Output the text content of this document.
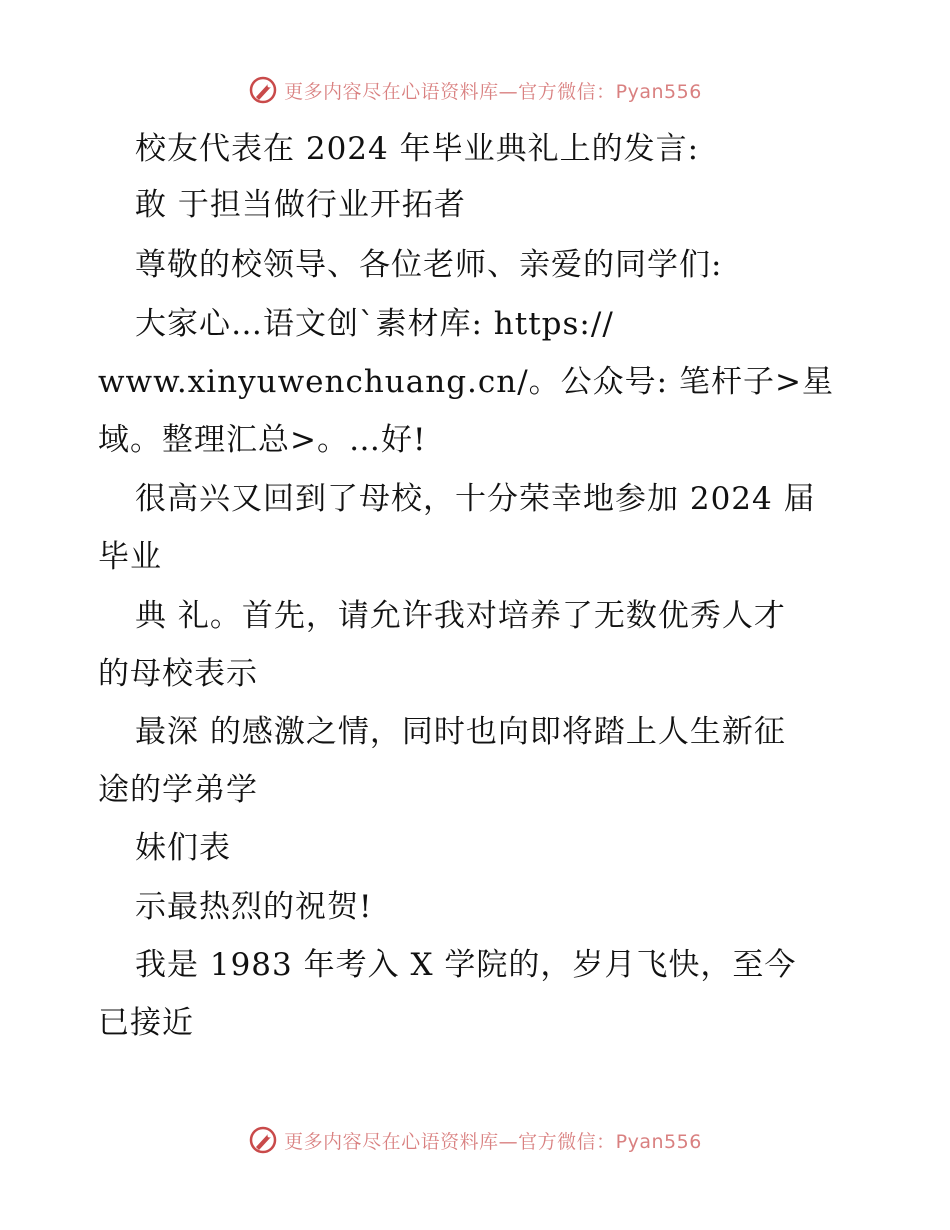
更多内容尽在心语资料库—官方微信：Pyan556
校友代表在 2024 年毕业典礼上的发言:
敢 于担当做行业开拓者
尊敬的校领导、各位老师、亲爱的同学们:
大家心…语文创`素材库: https://
www.xinyuwenchuang.cn/。公众号: 笔杆子>星
域。整理汇总>。…好!
很高兴又回到了母校，十分荣幸地参加 2024 届
毕业
典 礼。首先，请允许我对培养了无数优秀人才
的母校表示
最深 的感激之情，同时也向即将踏上人生新征
途的学弟学
妹们表
示最热烈的祝贺!
我是 1983 年考入 X 学院的，岁月飞快，至今
已接近
更多内容尽在心语资料库—官方微信：Pyan556
